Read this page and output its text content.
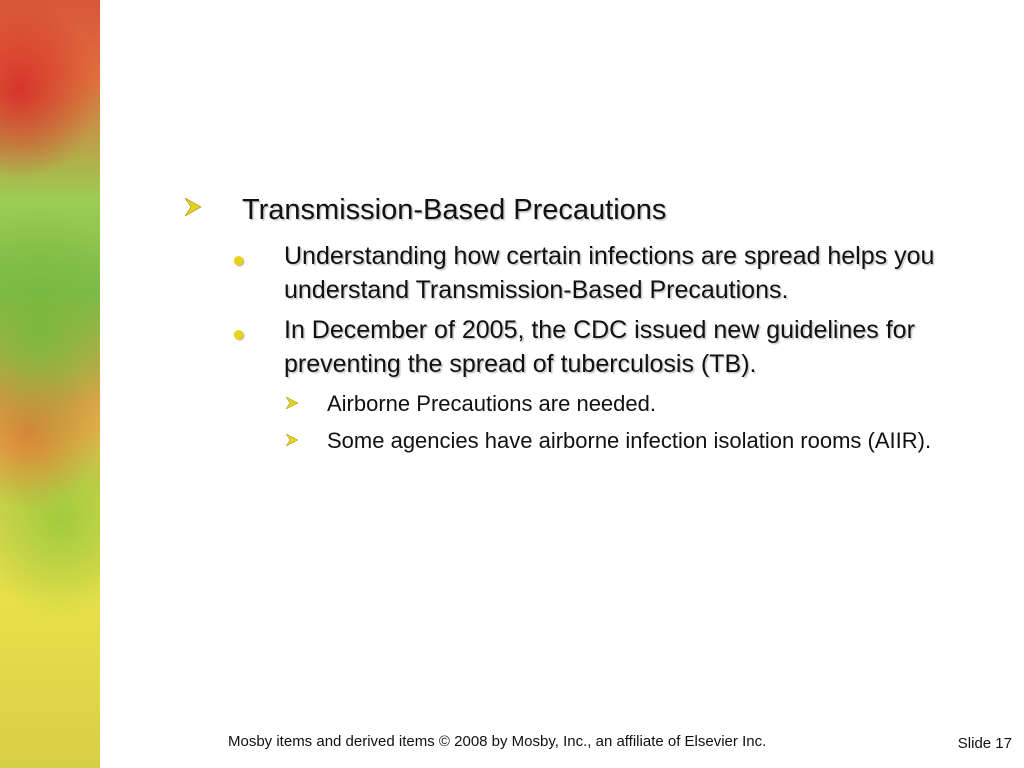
Transmission-Based Precautions
● Understanding how certain infections are spread helps you understand Transmission-Based Precautions.
● In December of 2005, the CDC issued new guidelines for preventing the spread of tuberculosis (TB).
Airborne Precautions are needed.
Some agencies have airborne infection isolation rooms (AIIR).
Mosby items and derived items © 2008 by Mosby, Inc., an affiliate of Elsevier Inc.	Slide 17
